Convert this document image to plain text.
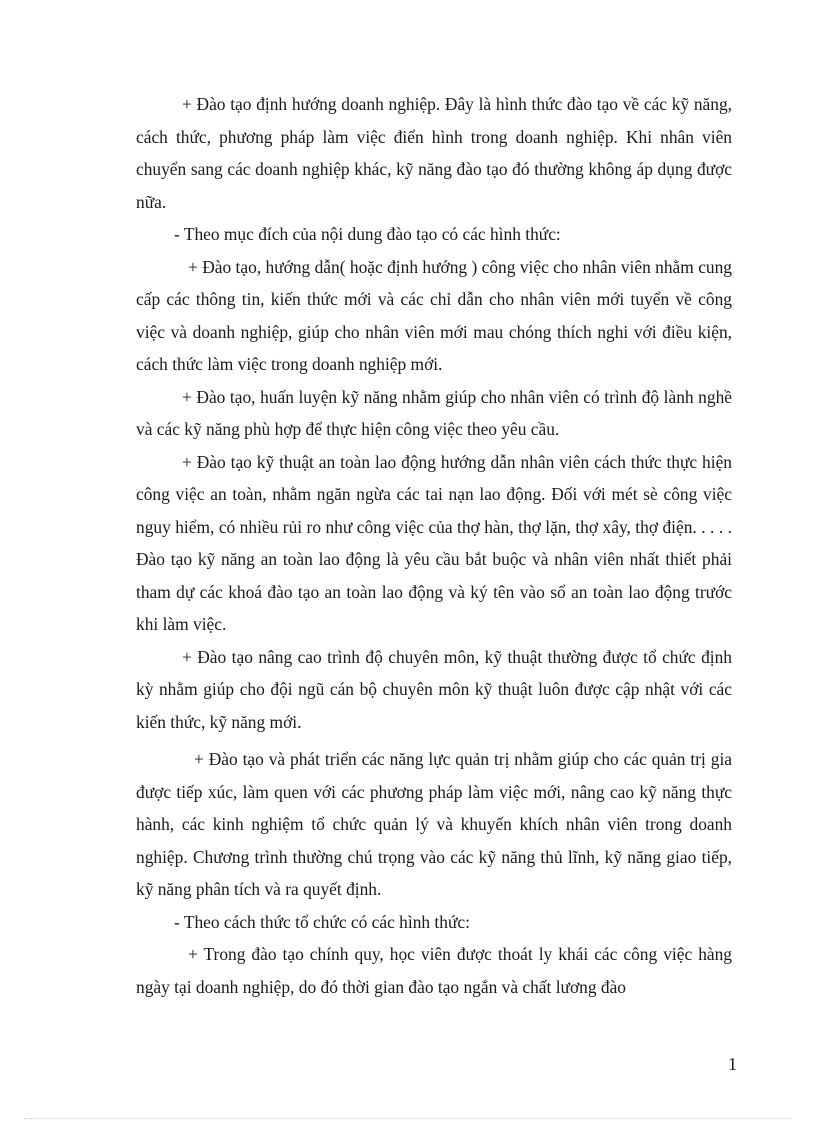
+ Đào tạo định hướng doanh nghiệp. Đây là hình thức đào tạo về các kỹ năng, cách thức, phương pháp làm việc điển hình trong doanh nghiệp. Khi nhân viên chuyển sang các doanh nghiệp khác, kỹ năng đào tạo đó thường không áp dụng được nữa.

- Theo mục đích của nội dung đào tạo có các hình thức:

+ Đào tạo, hướng dẫn( hoặc định hướng ) công việc cho nhân viên nhằm cung cấp các thông tin, kiến thức mới và các chỉ dẫn cho nhân viên mới tuyển về công việc và doanh nghiệp, giúp cho nhân viên mới mau chóng thích nghi với điều kiện, cách thức làm việc trong doanh nghiệp mới.

+ Đào tạo, huấn luyện kỹ năng nhằm giúp cho nhân viên có trình độ lành nghề và các kỹ năng phù hợp để thực hiện công việc theo yêu cầu.

+ Đào tạo kỹ thuật an toàn lao động hướng dẫn nhân viên cách thức thực hiện công việc an toàn, nhằm ngăn ngừa các tai nạn lao động. Đối với mét sè công việc nguy hiểm, có nhiều rủi ro như công việc của thợ hàn, thợ lặn, thợ xây, thợ điện. . . . . Đào tạo kỹ năng an toàn lao động là yêu cầu bắt buộc và nhân viên nhất thiết phải tham dự các khoá đào tạo an toàn lao động và ký tên vào sổ an toàn lao động trước khi làm việc.

+ Đào tạo nâng cao trình độ chuyên môn, kỹ thuật thường được tổ chức định kỳ nhằm giúp cho đội ngũ cán bộ chuyên môn kỹ thuật luôn được cập nhật với các kiến thức, kỹ năng mới.

+ Đào tạo và phát triển các năng lực quản trị nhằm giúp cho các quản trị gia được tiếp xúc, làm quen với các phương pháp làm việc mới, nâng cao kỹ năng thực hành, các kinh nghiệm tổ chức quản lý và khuyến khích nhân viên trong doanh nghiệp. Chương trình thường chú trọng vào các kỹ năng thủ lĩnh, kỹ năng giao tiếp, kỹ năng phân tích và ra quyết định.

- Theo cách thức tổ chức có các hình thức:

+ Trong đào tạo chính quy, học viên được thoát ly khái các công việc hàng ngày tại doanh nghiệp, do đó thời gian đào tạo ngắn và chất lương đào

1
